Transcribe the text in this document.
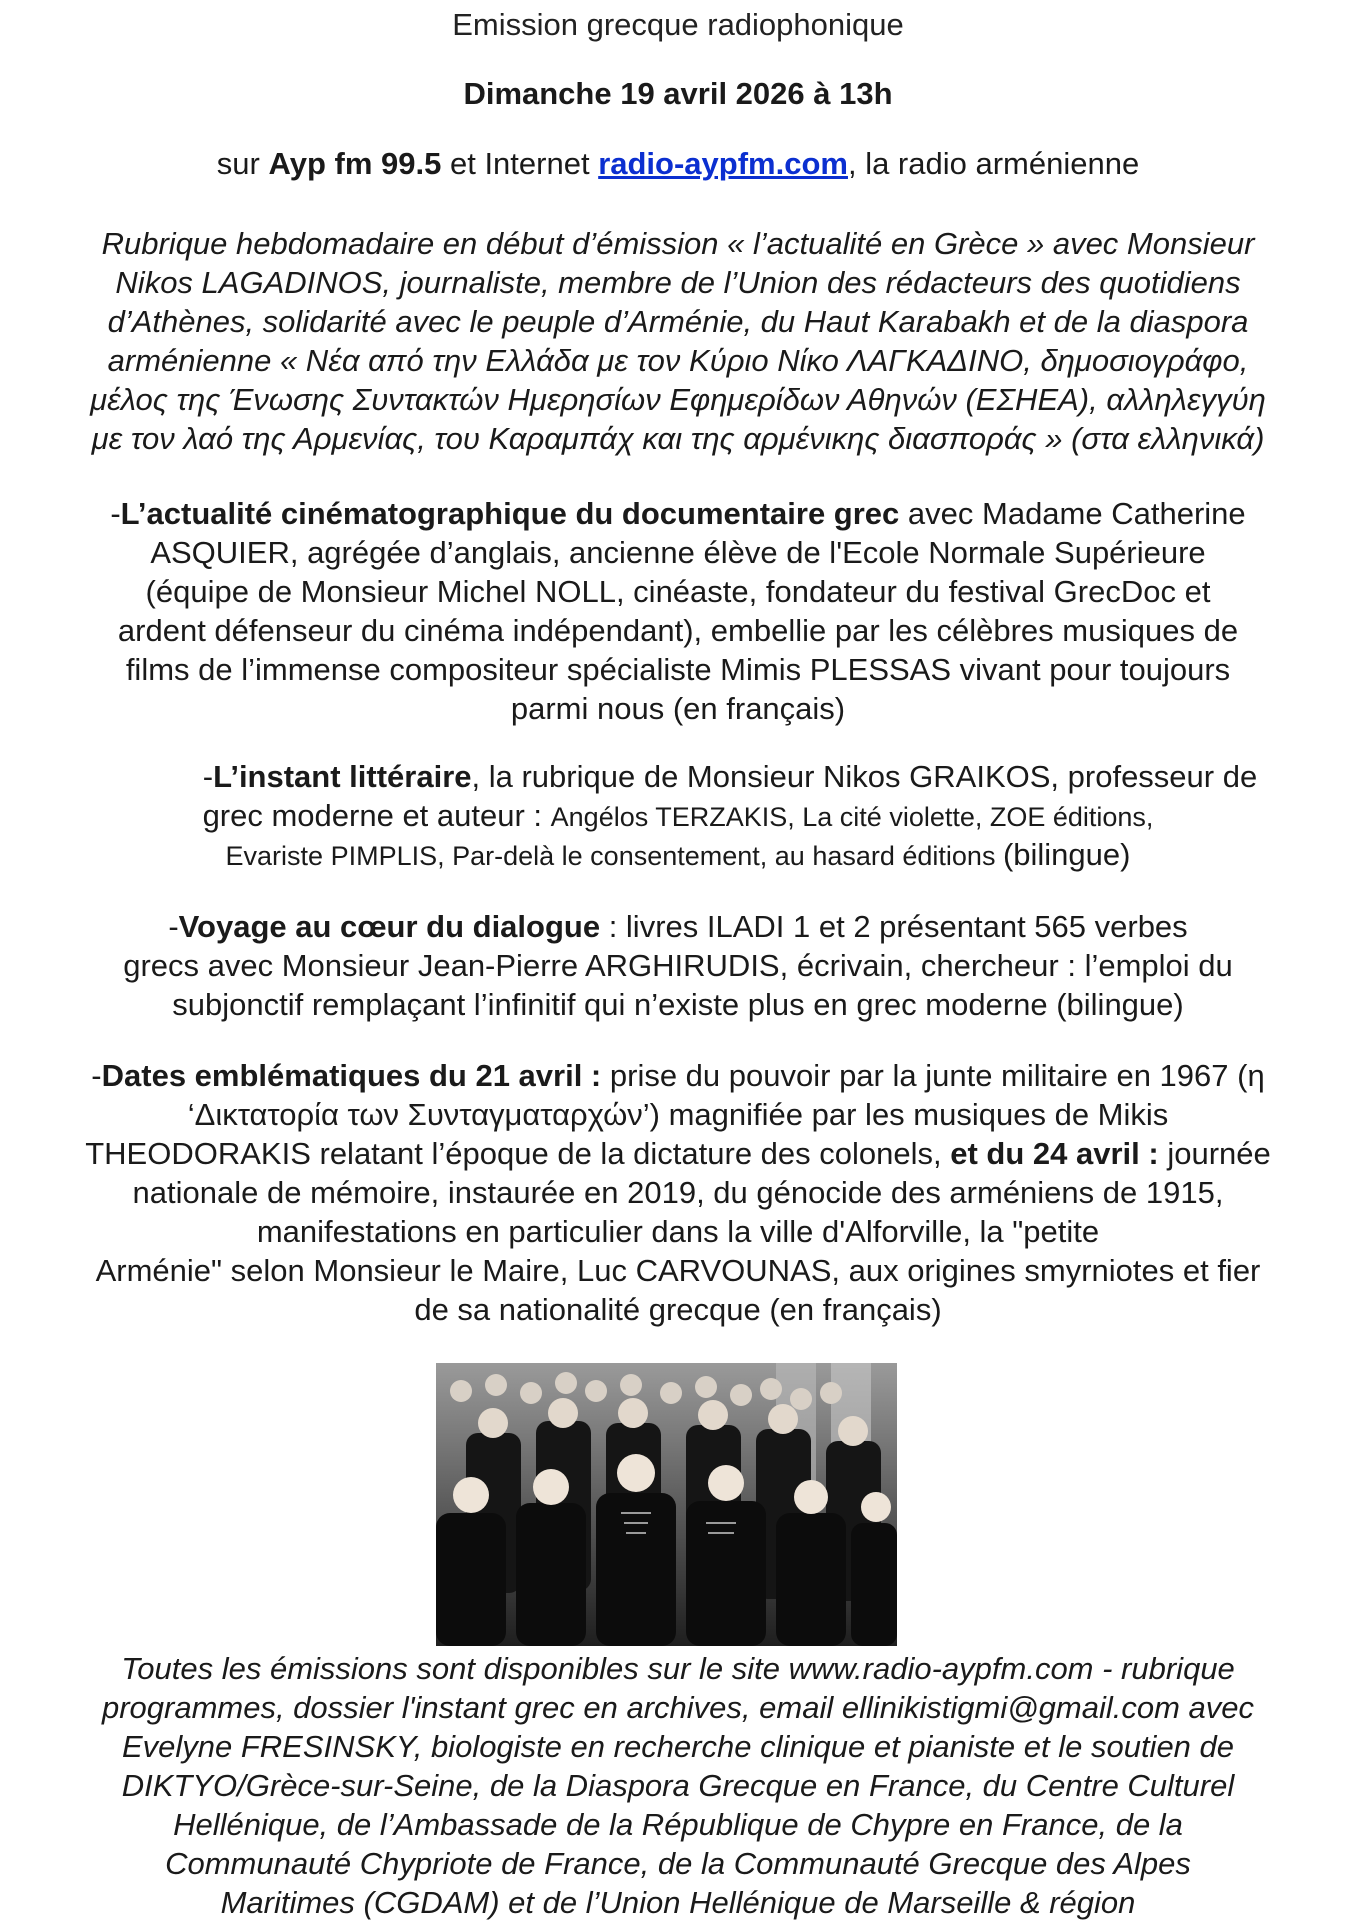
Emission grecque radiophonique
Dimanche 19 avril 2026 à 13h
sur Ayp fm 99.5 et Internet radio-aypfm.com, la radio arménienne
Rubrique hebdomadaire en début d’émission « l’actualité en Grèce » avec Monsieur
Nikos LAGADINOS, journaliste, membre de l’Union des rédacteurs des quotidiens
d’Athènes, solidarité avec le peuple d’Arménie, du Haut Karabakh et de la diaspora
arménienne « Νέα από την Ελλάδα με τον Κύριο Νίκο ΛΑΓΚΑΔΙΝΟ, δημοσιογράφο,
μέλος της Ένωσης Συντακτών Ημερησίων Εφημερίδων Αθηνών (ΕΣΗΕΑ), αλληλεγγύη
με τον λαό της Αρμενίας, του Καραμπάχ και της αρμένικης διασποράς » (στα ελληνικά)
-L’actualité cinématographique du documentaire grec avec Madame Catherine
ASQUIER, agrégée d’anglais, ancienne élève de l'Ecole Normale Supérieure
(équipe de Monsieur Michel NOLL, cinéaste, fondateur du festival GrecDoc et
ardent défenseur du cinéma indépendant), embellie par les célèbres musiques de
films de l’immense compositeur spécialiste Mimis PLESSAS vivant pour toujours
parmi nous (en français)
-L’instant littéraire, la rubrique de Monsieur Nikos GRAIKOS, professeur de
grec moderne et auteur : Angélos TERZAKIS, La cité violette, ZOE éditions,
Evariste PIMPLIS, Par-delà le consentement, au hasard éditions (bilingue)
-Voyage au cœur du dialogue : livres ILADI 1 et 2 présentant 565 verbes
grecs avec Monsieur Jean-Pierre ARGHIRUDIS, écrivain, chercheur : l’emploi du
subjonctif remplaçant l’infinitif qui n’existe plus en grec moderne (bilingue)
-Dates emblématiques du 21 avril : prise du pouvoir par la junte militaire en 1967 (η
‘Δικτατορία των Συνταγματαρχών’) magnifiée par les musiques de Mikis
THEODORAKIS relatant l’époque de la dictature des colonels, et du 24 avril : journée
nationale de mémoire, instaurée en 2019, du génocide des arméniens de 1915,
manifestations en particulier dans la ville d'Alforville, la "petite
Arménie" selon Monsieur le Maire, Luc CARVOUNAS, aux origines smyrniotes et fier
de sa nationalité grecque (en français)
Toutes les émissions sont disponibles sur le site www.radio-aypfm.com - rubrique
programmes, dossier l'instant grec en archives, email ellinikistigmi@gmail.com avec
Evelyne FRESINSKY, biologiste en recherche clinique et pianiste et le soutien de
DIKTYO/Grèce-sur-Seine, de la Diaspora Grecque en France, du Centre Culturel
Hellénique, de l’Ambassade de la République de Chypre en France, de la
Communauté Chypriote de France, de la Communauté Grecque des Alpes
Maritimes (CGDAM) et de l’Union Hellénique de Marseille & région
